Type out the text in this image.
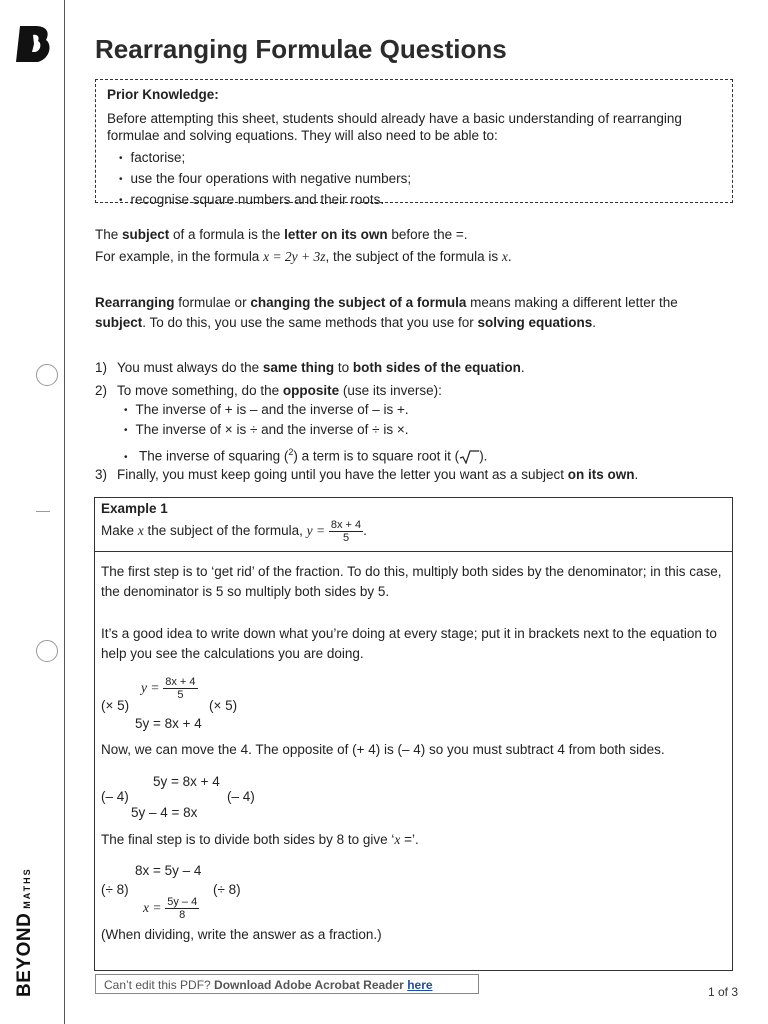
BEYONDMATHS
Rearranging Formulae Questions
Prior Knowledge:
Before attempting this sheet, students should already have a basic understanding of rearranging formulae and solving equations. They will also need to be able to:
• factorise;
• use the four operations with negative numbers;
• recognise square numbers and their roots.
The subject of a formula is the letter on its own before the =.
For example, in the formula x = 2y + 3z, the subject of the formula is x.
Rearranging formulae or changing the subject of a formula means making a different letter the subject. To do this, you use the same methods that you use for solving equations.
1) You must always do the same thing to both sides of the equation.
2) To move something, do the opposite (use its inverse):
• The inverse of + is – and the inverse of – is +.
• The inverse of × is ÷ and the inverse of ÷ is ×.
• The inverse of squaring ($^2$) a term is to square root it ( ).
3) Finally, you must keep going until you have the letter you want as a subject on its own.
Example 1
Make x the subject of the formula, $y = \frac{8x + 4}{5}$ .
The first step is to ‘get rid’ of the fraction. To do this, multiply both sides by the denominator; in this case, the denominator is 5 so multiply both sides by 5.
It’s a good idea to write down what you’re doing at every stage; put it in brackets next to the equation to help you see the calculations you are doing.
$y = \frac{8x + 4}{5}$
(× 5)	(× 5)
5y = 8x + 4
Now, we can move the 4. The opposite of (+ 4) is (– 4) so you must subtract 4 from both sides.
5y = 8x + 4
(– 4)	(– 4)
5y – 4 = 8x
The final step is to divide both sides by 8 to give ‘x =’.
8x = 5y – 4
(÷ 8)	(÷ 8)
$x = \frac{5y - 4}{8}$
(When dividing, write the answer as a fraction.)
Can’t edit this PDF? Download Adobe Acrobat Reader here	1 of 3
